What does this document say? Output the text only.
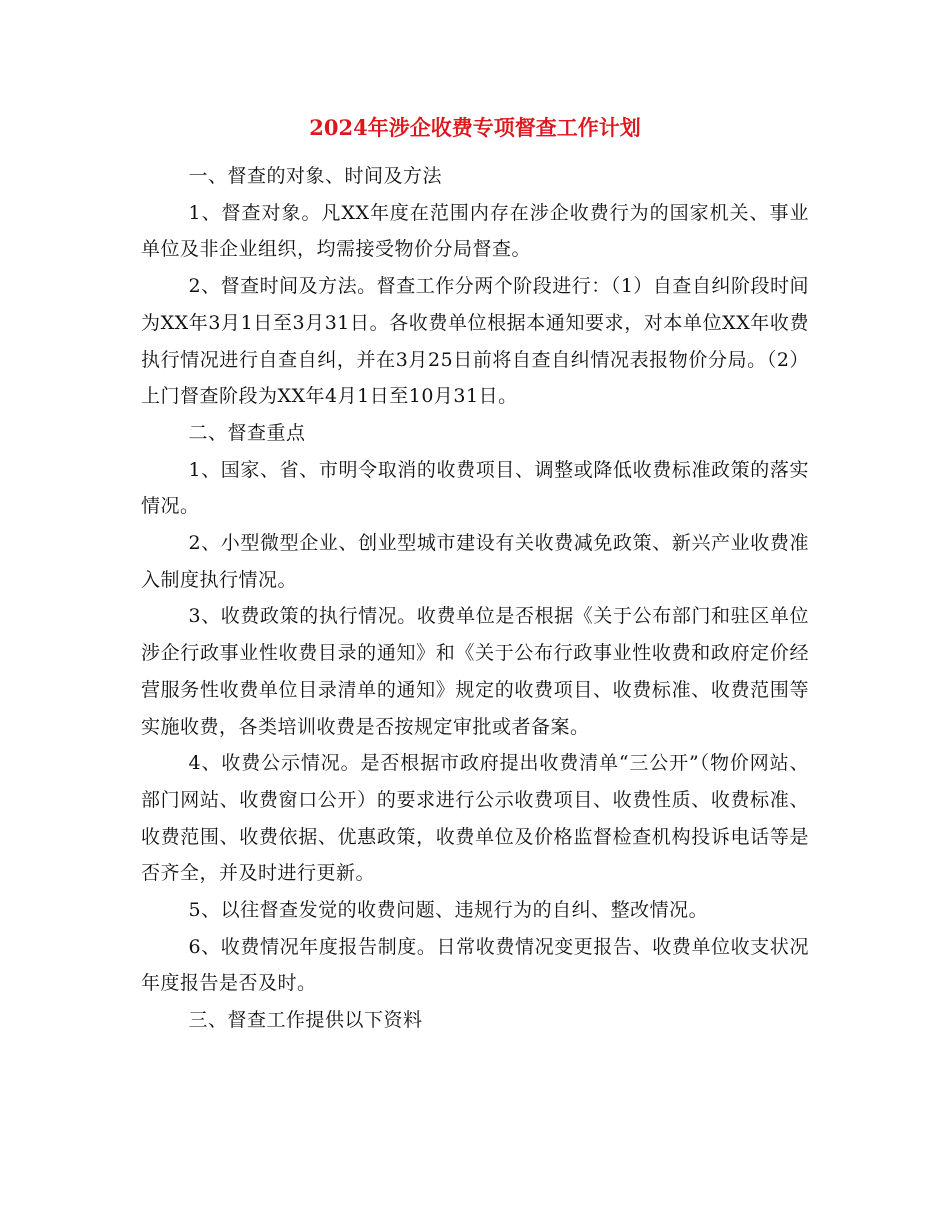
2024年涉企收费专项督查工作计划

一、督查的对象、时间及方法

1、督查对象。凡XX年度在范围内存在涉企收费行为的国家机关、事业单位及非企业组织，均需接受物价分局督查。

2、督查时间及方法。督查工作分两个阶段进行：（1）自查自纠阶段时间为XX年3月1日至3月31日。各收费单位根据本通知要求，对本单位XX年收费执行情况进行自查自纠，并在3月25日前将自查自纠情况表报物价分局。（2）上门督查阶段为XX年4月1日至10月31日。

二、督查重点

1、国家、省、市明令取消的收费项目、调整或降低收费标准政策的落实情况。

2、小型微型企业、创业型城市建设有关收费减免政策、新兴产业收费准入制度执行情况。

3、收费政策的执行情况。收费单位是否根据《关于公布部门和驻区单位涉企行政事业性收费目录的通知》和《关于公布行政事业性收费和政府定价经营服务性收费单位目录清单的通知》规定的收费项目、收费标准、收费范围等实施收费，各类培训收费是否按规定审批或者备案。

4、收费公示情况。是否根据市政府提出收费清单“三公开”（物价网站、部门网站、收费窗口公开）的要求进行公示收费项目、收费性质、收费标准、收费范围、收费依据、优惠政策，收费单位及价格监督检查机构投诉电话等是否齐全，并及时进行更新。

5、以往督查发觉的收费问题、违规行为的自纠、整改情况。

6、收费情况年度报告制度。日常收费情况变更报告、收费单位收支状况年度报告是否及时。

三、督查工作提供以下资料
